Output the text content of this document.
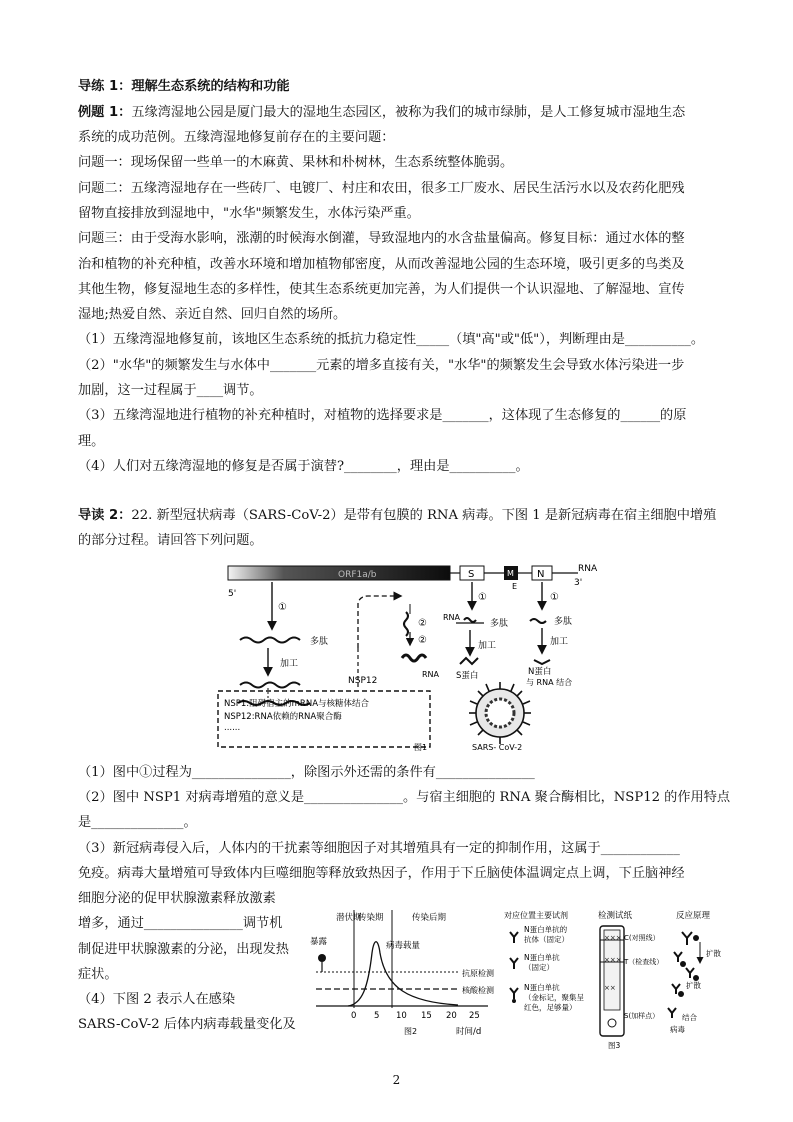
导练 1：理解生态系统的结构和功能
例题 1：五缘湾湿地公园是厦门最大的湿地生态园区，被称为我们的城市绿肺，是人工修复城市湿地生态
系统的成功范例。五缘湾湿地修复前存在的主要问题：
问题一：现场保留一些单一的木麻黄、果林和朴树林，生态系统整体脆弱。
问题二：五缘湾湿地存在一些砖厂、电镀厂、村庄和农田，很多工厂废水、居民生活污水以及农药化肥残
留物直接排放到湿地中，"水华"频繁发生，水体污染严重。
问题三：由于受海水影响，涨潮的时候海水倒灌，导致湿地内的水含盐量偏高。修复目标：通过水体的整
治和植物的补充种植，改善水环境和增加植物郁密度，从而改善湿地公园的生态环境，吸引更多的鸟类及
其他生物，修复湿地生态的多样性，使其生态系统更加完善，为人们提供一个认识湿地、了解湿地、宣传
湿地;热爱自然、亲近自然、回归自然的场所。
（1）五缘湾湿地修复前，该地区生态系统的抵抗力稳定性_____（填"高"或"低"），判断理由是__________。
（2）"水华"的频繁发生与水体中_______元素的增多直接有关，"水华"的频繁发生会导致水体污染进一步
加剧，这一过程属于____调节。
（3）五缘湾湿地进行植物的补充种植时，对植物的选择要求是_______，这体现了生态修复的______的原
理。
（4）人们对五缘湾湿地的修复是否属于演替?________，理由是__________。
导读 2：22. 新型冠状病毒（SARS-CoV-2）是带有包膜的 RNA 病毒。下图 1 是新冠病毒在宿主细胞中增殖
的部分过程。请回答下列问题。
ORF1a/b	S	M N	RNA
3'
5'
E
①
多肽
加工
NSP12
NSP1:阻碍宿主的mRNA与核糖体结合
NSP12:RNA依赖的RNA聚合酶
......
②
②
RNA
①
RNA
多肽
加工
S蛋白
①
多肽
加工
N蛋白
与 RNA 结合
SARS- CoV-2
图1
（1）图中①过程为_______________，除图示外还需的条件有_______________
（2）图中 NSP1 对病毒增殖的意义是_______________。与宿主细胞的 RNA 聚合酶相比，NSP12 的作用特点
是______________。
（3）新冠病毒侵入后，人体内的干扰素等细胞因子对其增殖具有一定的抑制作用，这属于____________
免疫。病毒大量增殖可导致体内巨噬细胞等释放致热因子，作用于下丘脑使体温调定点上调，下丘脑神经
细胞分泌的促甲状腺激素释放激素
增多，通过_______________调节机
制促进甲状腺激素的分泌，出现发热
症状。
（4）下图 2 表示人在感染
SARS-CoV-2 后体内病毒载量变化及
潜伏期
传染期	传染后期
暴露	病毒载量
抗原检测
核酸检测
0 5 10 15 20 25
图2	时间/d
对应位置主要试剂	检测试纸	反应原理
N蛋白单抗的
抗体（固定）
N蛋白单抗
（固定）
N蛋白单抗
（金标记，聚集呈
红色，足够量）
×××
×××
××
C(对照线）
T（检查线）
S(加样点）
扩散
扩散
病毒
结合
图3
2
